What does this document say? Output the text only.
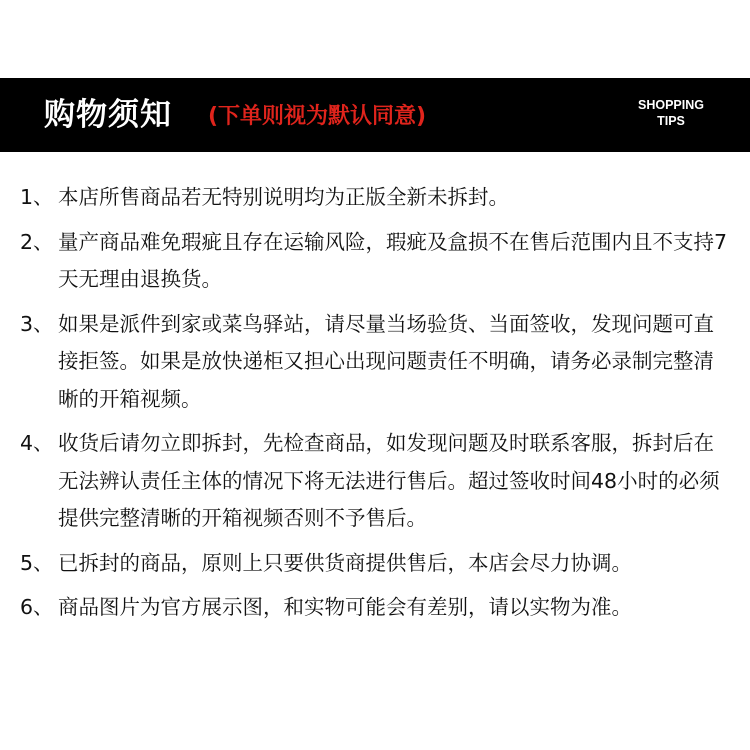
购物须知 (下单则视为默认同意)	SHOPPING
TIPS
1、 本店所售商品若无特别说明均为正版全新未拆封。
2、 量产商品难免瑕疵且存在运输风险，瑕疵及盒损不在售后范围内且不支持7天无理由退换货。
3、 如果是派件到家或菜鸟驿站，请尽量当场验货、当面签收，发现问题可直接拒签。如果是放快递柜又担心出现问题责任不明确，请务必录制完整清晰的开箱视频。
4、 收货后请勿立即拆封，先检查商品，如发现问题及时联系客服，拆封后在无法辨认责任主体的情况下将无法进行售后。超过签收时间48小时的必须提供完整清晰的开箱视频否则不予售后。
5、 已拆封的商品，原则上只要供货商提供售后，本店会尽力协调。
6、 商品图片为官方展示图，和实物可能会有差别，请以实物为准。
